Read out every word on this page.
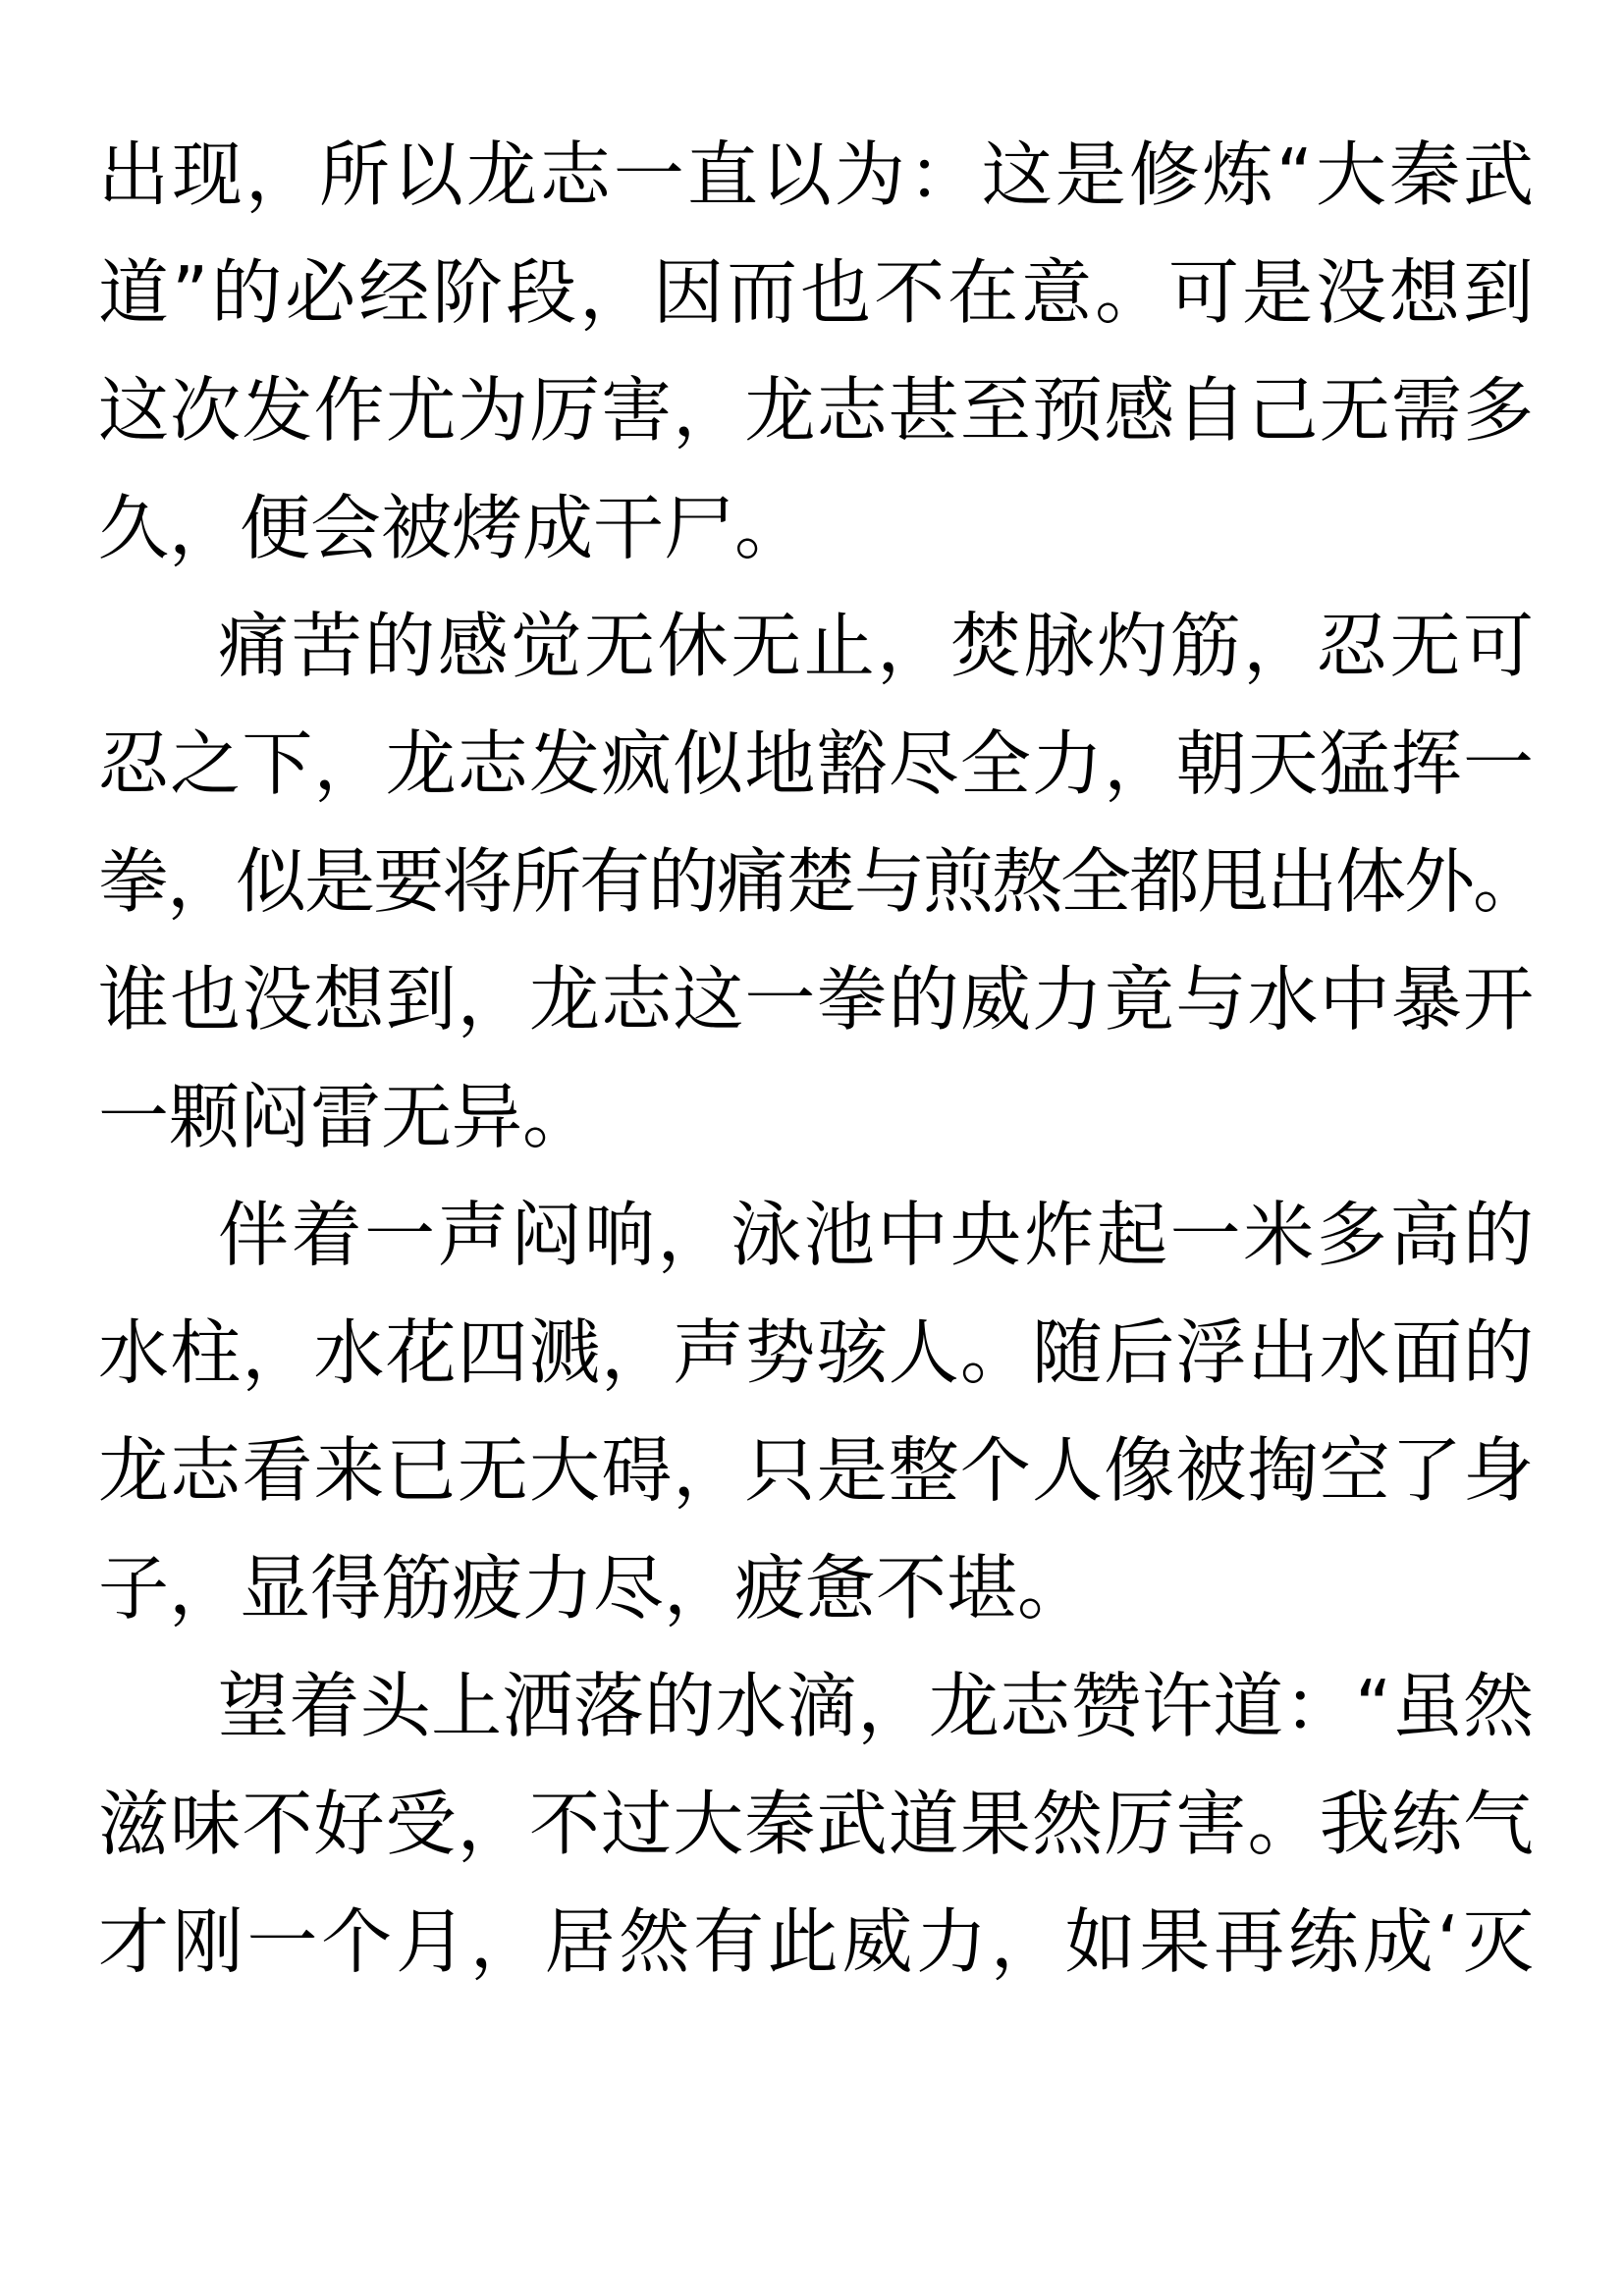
出现，所以龙志一直以为：这是修炼“大秦武
道”的必经阶段，因而也不在意。可是没想到
这次发作尤为厉害，龙志甚至预感自己无需多
久，便会被烤成干尸。
痛苦的感觉无休无止，焚脉灼筋，忍无可
忍之下，龙志发疯似地豁尽全力，朝天猛挥一
拳，似是要将所有的痛楚与煎熬全都甩出体外。
谁也没想到，龙志这一拳的威力竟与水中暴开
一颗闷雷无异。
伴着一声闷响，泳池中央炸起一米多高的
水柱，水花四溅，声势骇人。随后浮出水面的
龙志看来已无大碍，只是整个人像被掏空了身
子，显得筋疲力尽，疲惫不堪。
望着头上洒落的水滴，龙志赞许道：“虽然
滋味不好受，不过大秦武道果然厉害。我练气
才刚一个月，居然有此威力，如果再练成‘灭
